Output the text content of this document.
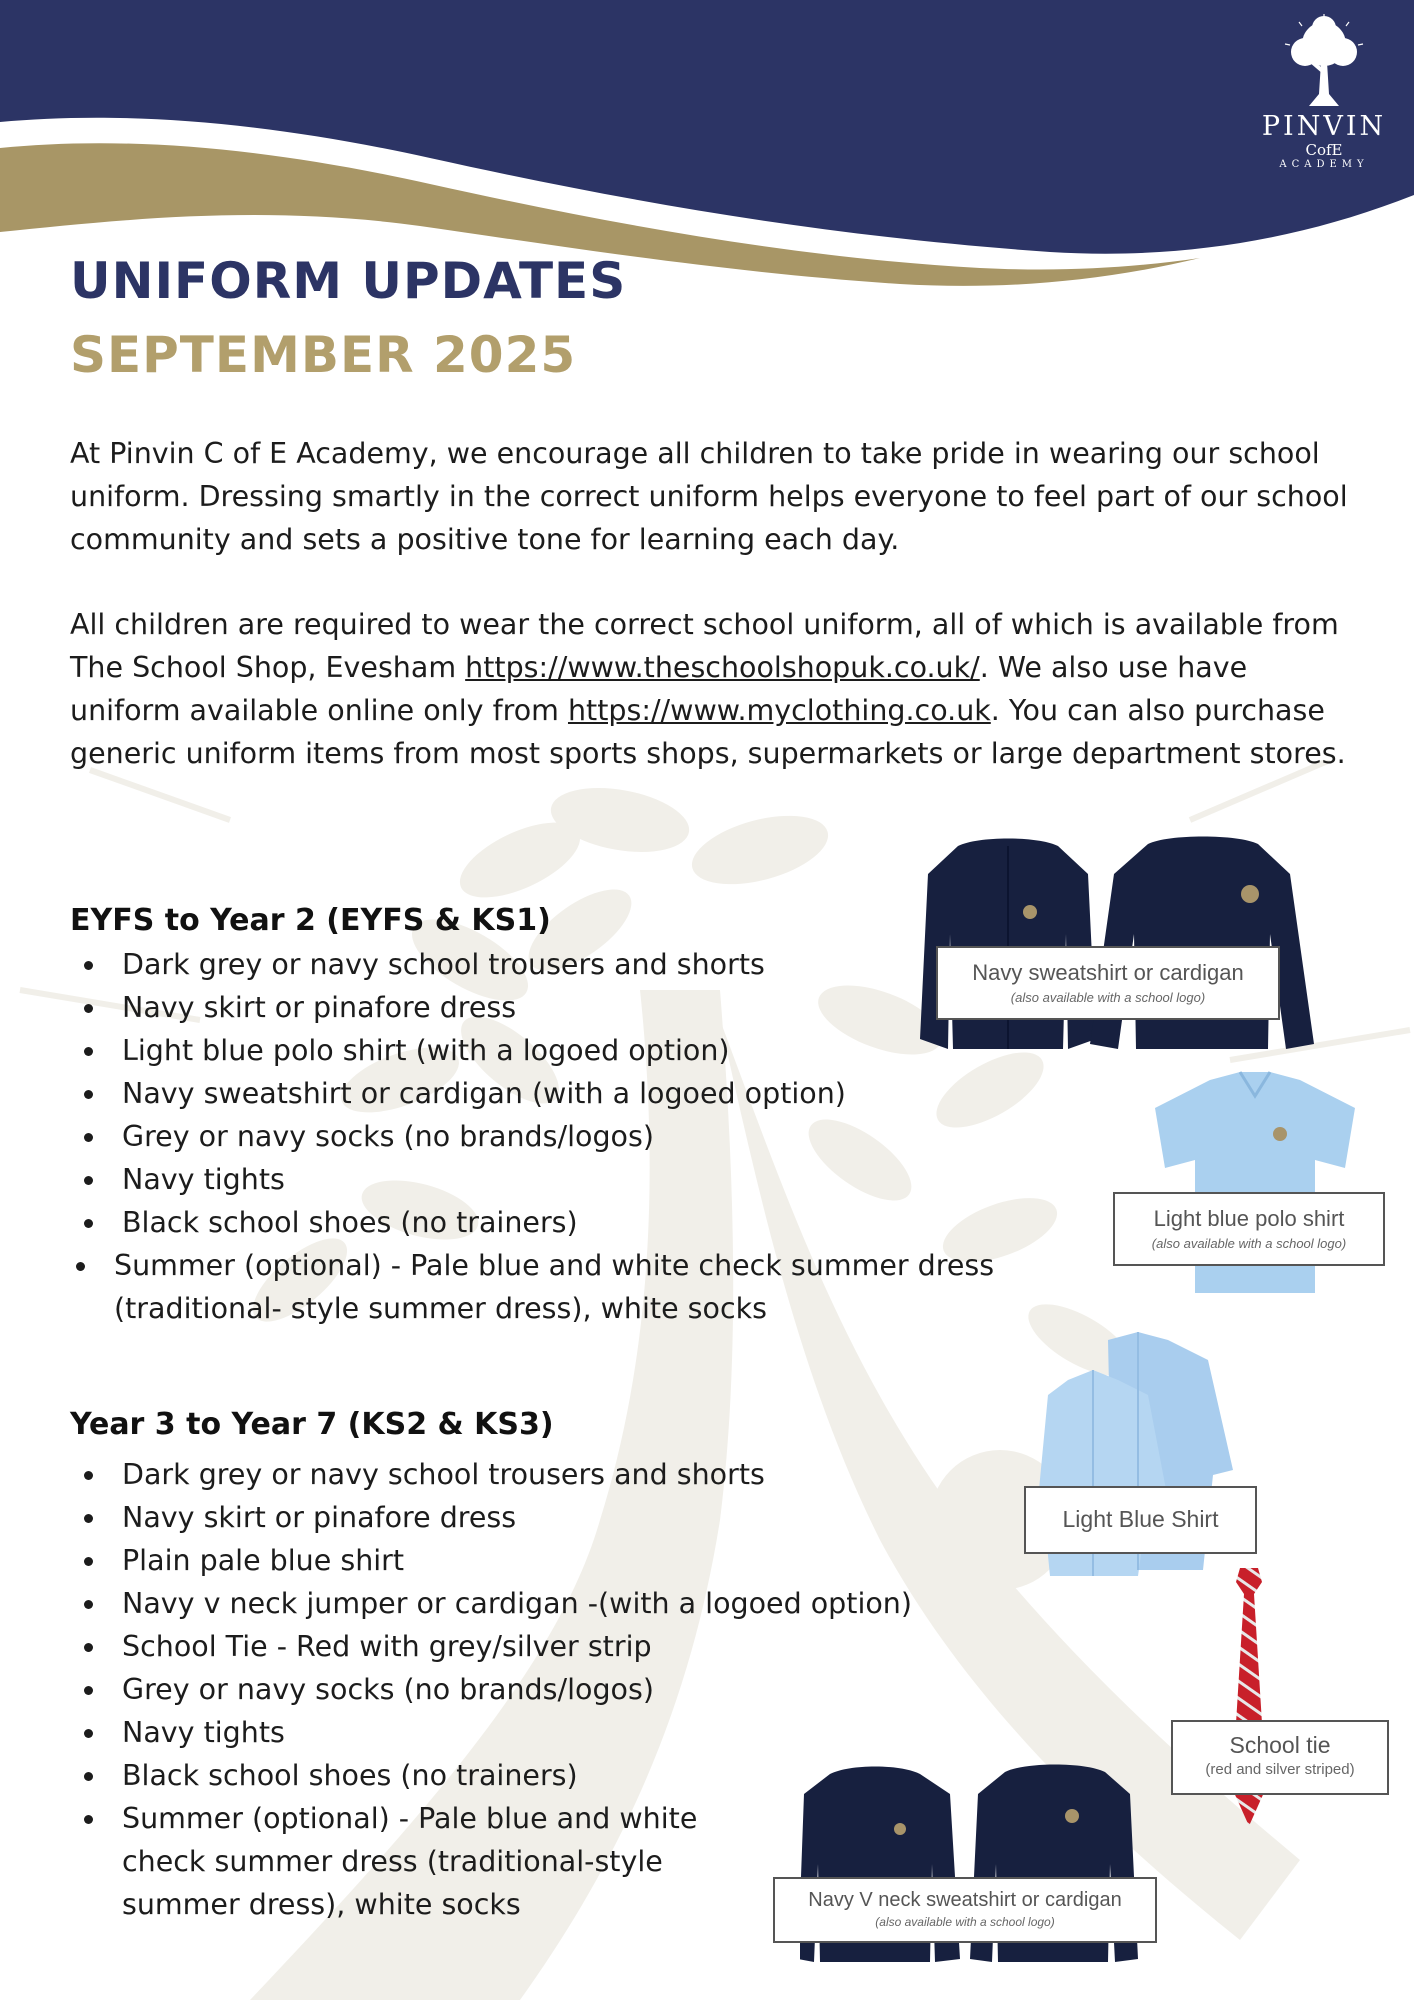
PINVIN
CofE
ACADEMY
UNIFORM UPDATES
SEPTEMBER 2025

At Pinvin C of E Academy, we encourage all children to take pride in wearing our school uniform. Dressing smartly in the correct uniform helps everyone to feel part of our school community and sets a positive tone for learning each day.

All children are required to wear the correct school uniform, all of which is available from The School Shop, Evesham https://www.theschoolshopuk.co.uk/. We also use have uniform available online only from https://www.myclothing.co.uk. You can also purchase generic uniform items from most sports shops, supermarkets or large department stores.

EYFS to Year 2 (EYFS & KS1)
Dark grey or navy school trousers and shorts
Navy skirt or pinafore dress
Light blue polo shirt (with a logoed option)
Navy sweatshirt or cardigan (with a logoed option)
Grey or navy socks (no brands/logos)
Navy tights
Black school shoes (no trainers)
Summer (optional) - Pale blue and white check summer dress (traditional- style summer dress), white socks
Year 3 to Year 7 (KS2 & KS3)
Dark grey or navy school trousers and shorts
Navy skirt or pinafore dress
Plain pale blue shirt
Navy v neck jumper or cardigan -(with a logoed option)
School Tie - Red with grey/silver strip
Grey or navy socks (no brands/logos)
Navy tights
Black school shoes (no trainers)
Summer (optional) - Pale blue and white check summer dress (traditional-style summer dress), white socks
Navy sweatshirt or cardigan
(also available with a school logo)
Light blue polo shirt
(also available with a school logo)
Light Blue Shirt
School tie
(red and silver striped)
Navy V neck sweatshirt or cardigan
(also available with a school logo)
